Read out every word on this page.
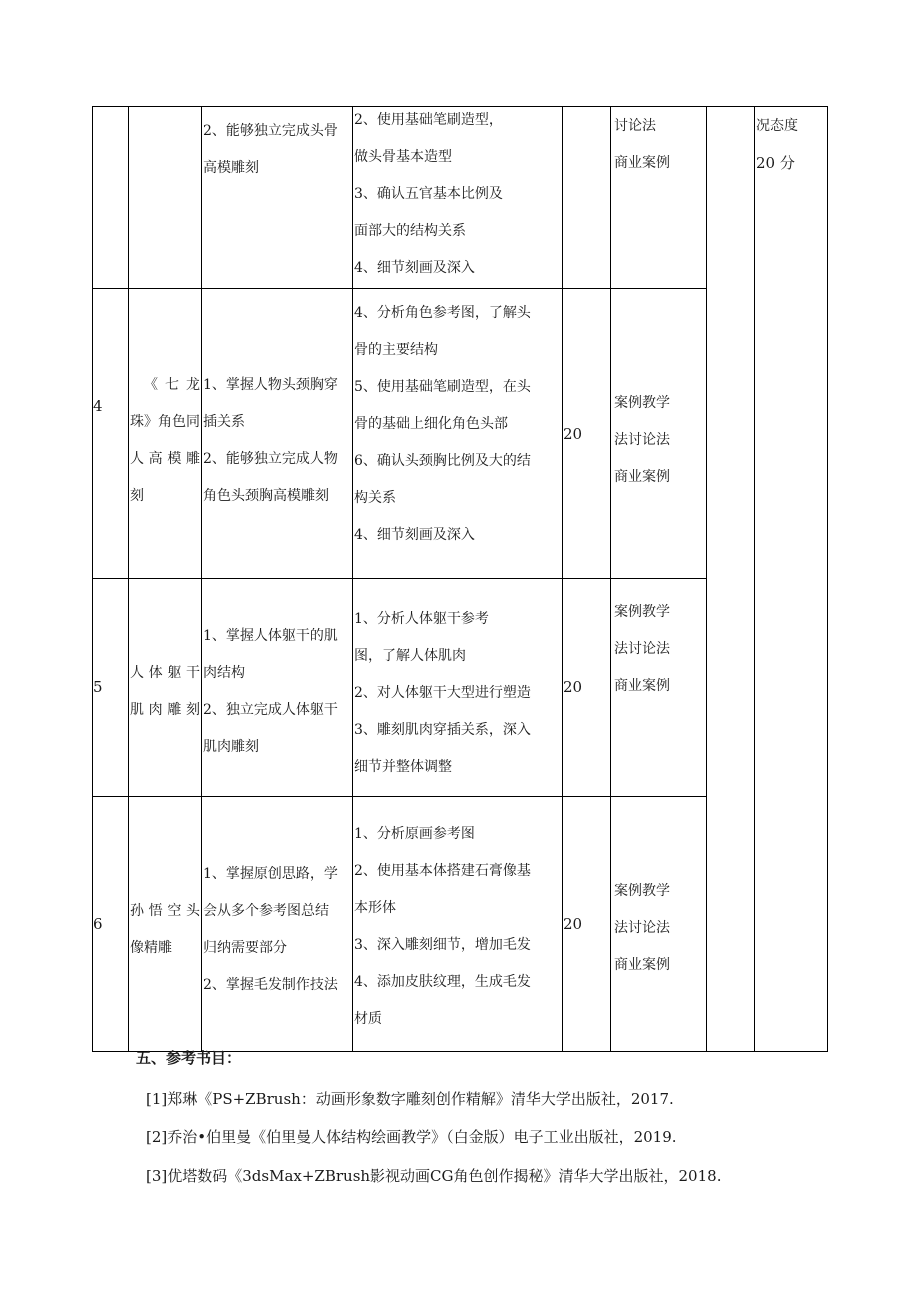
2、能够独立完成头骨
高模雕刻
2、使用基础笔刷造型，
做头骨基本造型
3、确认五官基本比例及
面部大的结构关系
4、细节刻画及深入
讨论法
商业案例
况态度
20 分
4
《七龙
珠》角色同
人高模雕
刻
1、掌握人物头颈胸穿
插关系
2、能够独立完成人物
角色头颈胸高模雕刻
4、分析角色参考图，了解头
骨的主要结构
5、使用基础笔刷造型，在头
骨的基础上细化角色头部
6、确认头颈胸比例及大的结
构关系
4、细节刻画及深入
20
案例教学
法讨论法
商业案例
5
人体躯干
肌肉雕刻
1、掌握人体躯干的肌
肉结构
2、独立完成人体躯干
肌肉雕刻
1、分析人体躯干参考
图，了解人体肌肉
2、对人体躯干大型进行塑造
3、雕刻肌肉穿插关系，深入
细节并整体调整
20
案例教学
法讨论法
商业案例
6
孙悟空头
像精雕
1、掌握原创思路，学
会从多个参考图总结
归纳需要部分
2、掌握毛发制作技法
1、分析原画参考图
2、使用基本体搭建石膏像基
本形体
3、深入雕刻细节，增加毛发
4、添加皮肤纹理，生成毛发
材质
20
案例教学
法讨论法
商业案例
五、参考书目：
[1]郑琳《PS+ZBrush：动画形象数字雕刻创作精解》清华大学出版社，2017.
[2]乔治•伯里曼《伯里曼人体结构绘画教学》（白金版）电子工业出版社，2019.
[3]优塔数码《3dsMax+ZBrush影视动画CG角色创作揭秘》清华大学出版社，2018.
